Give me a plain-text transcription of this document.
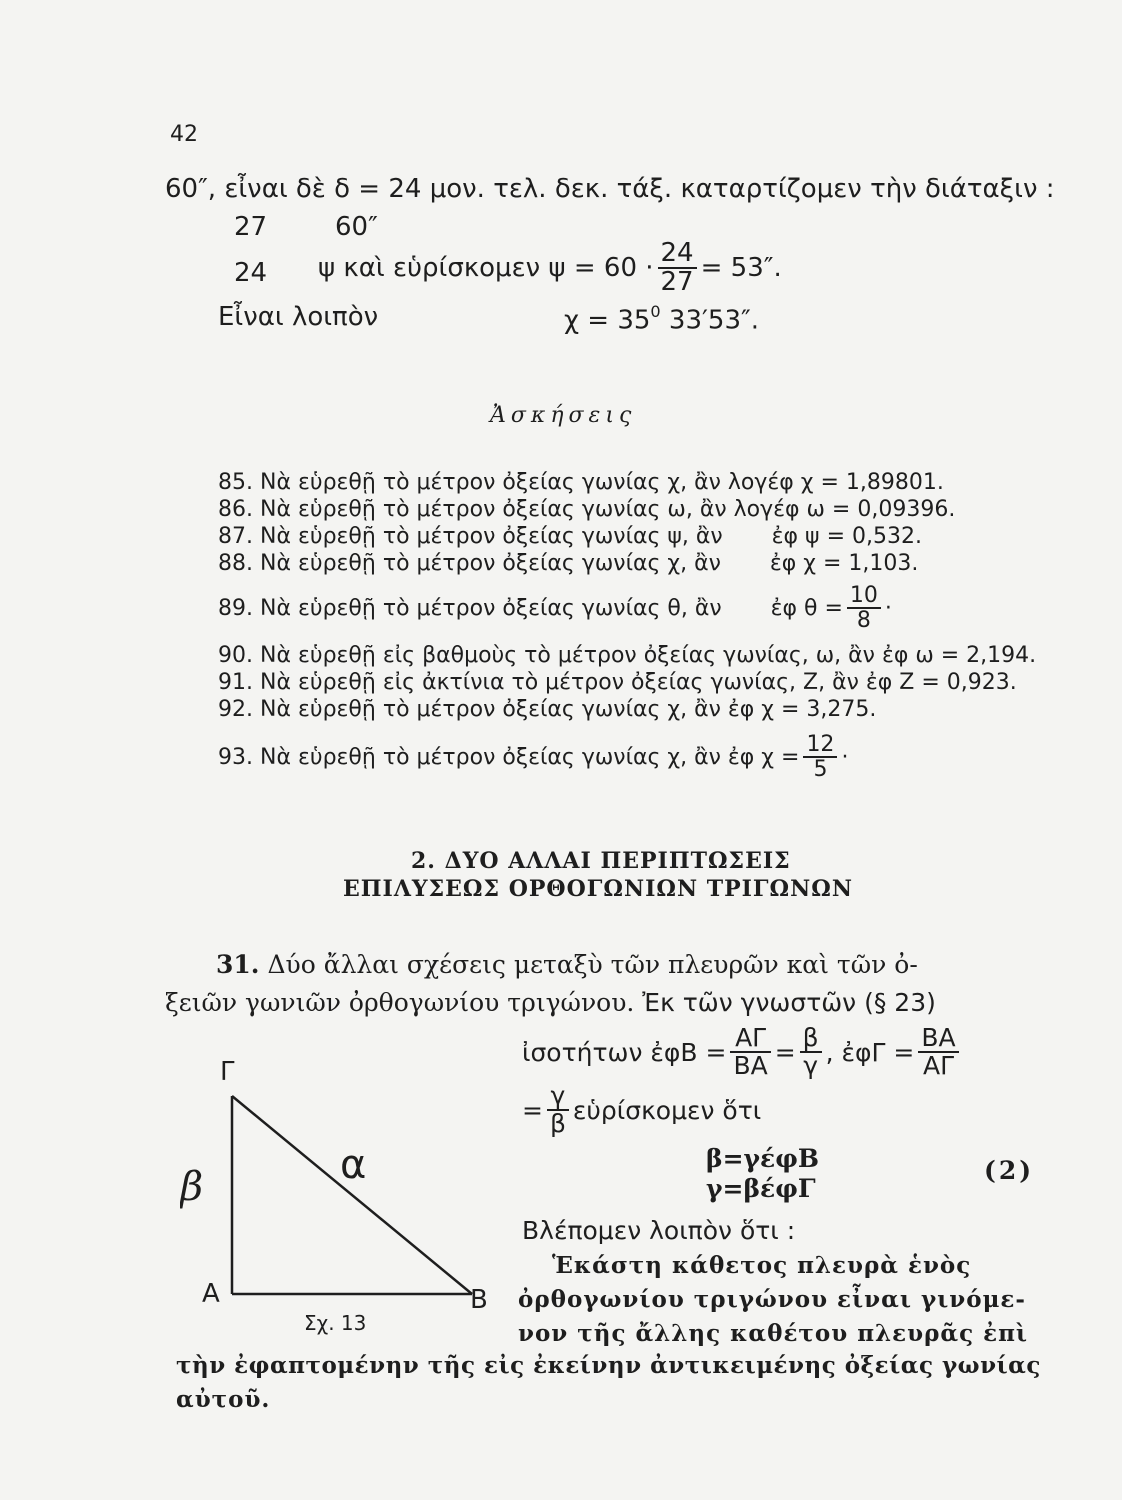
42
60″, εἶναι δὲ δ = 24 μον. τελ. δεκ. τάξ. καταρτίζομεν τὴν διάταξιν :
27	60″
24 ψ καὶ εὑρίσκομεν $\psi = 60 \cdot \frac{24}{27} = 53''$.
Εἶναι λοιπὸν	$\chi = 35^0$ 33′53″.
Ἀσκήσεις
85. Νὰ εὑρεθῇ τὸ μέτρον ὀξείας γωνίας χ, ἂν λογέφ χ = 1,89801.
86. Νὰ εὑρεθῇ τὸ μέτρον ὀξείας γωνίας ω, ἂν λογέφ ω = 0,09396.
87. Νὰ εὑρεθῇ τὸ μέτρον ὀξείας γωνίας ψ, ἂν       ἐφ ψ = 0,532.
88. Νὰ εὑρεθῇ τὸ μέτρον ὀξείας γωνίας χ, ἂν       ἐφ χ = 1,103.
89.
Νὰ εὑρεθῇ τὸ μέτρον ὀξείας γωνίας θ, ἂν       ἐφ $\theta = \frac{10}{8}$ ·
90. Νὰ εὑρεθῇ εἰς βαθμοὺς τὸ μέτρον ὀξείας γωνίας, ω, ἂν ἐφ ω = 2,194.
91. Νὰ εὑρεθῇ εἰς ἀκτίνια τὸ μέτρον ὀξείας γωνίας, Ζ, ἂν ἐφ Ζ = 0,923.
92. Νὰ εὑρεθῇ τὸ μέτρον ὀξείας γωνίας χ, ἂν ἐφ χ = 3,275.
93.
Νὰ εὑρεθῇ τὸ μέτρον ὀξείας γωνίας χ, ἂν ἐφ $\chi = \frac{12}{5}$ ·
2. ΔΥΟ ΑΛΛΑΙ ΠΕΡΙΠΤΩΣΕΙΣ
ΕΠΙΛΥΣΕΩΣ ΟΡΘΟΓΩΝΙΩΝ ΤΡΙΓΩΝΩΝ
31. Δύο ἄλλαι σχέσεις μεταξὺ τῶν πλευρῶν καὶ τῶν ὀ-
ξειῶν γωνιῶν ὀρθογωνίου τριγώνου. Ἐκ τῶν γνωστῶν (§ 23)
ἰσοτήτων ἐφΒ = $\frac{A\Gamma}{BA} = \frac{\beta}{\gamma}$ , ἐφΓ = $\frac{BA}{A\Gamma}$
= $\frac{\gamma}{\beta}$ εὑρίσκομεν ὅτι
β=γέφΒ
γ=βέφΓ
(2)
Βλέπομεν λοιπὸν ὅτι :
Ἑκάστη κάθετος πλευρὰ ἑνὸς
ὀρθογωνίου τριγώνου εἶναι γινόμε-
νον τῆς ἄλλης καθέτου πλευρᾶς ἐπὶ
τὴν ἐφαπτομένην τῆς εἰς ἐκείνην ἀντικειμένης ὀξείας γωνίας
αὐτοῦ.
Γ
Α	Β
β	α
Σχ. 13
